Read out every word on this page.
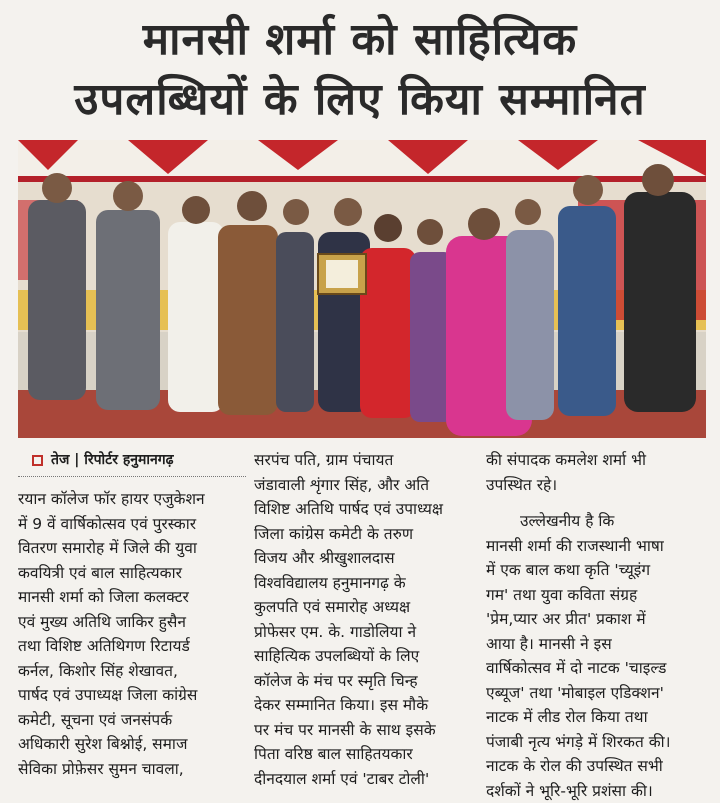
मानसी शर्मा को साहित्यिक
उपलब्धियों के लिए किया सम्मानित
तेज | रिपोर्टर हनुमानगढ़

रयान कॉलेज फॉर हायर एजुकेशन

में 9 वें वार्षिकोत्सव एवं पुरस्कार

वितरण समारोह में जिले की युवा

कवयित्री एवं बाल साहित्यकार

मानसी शर्मा को जिला कलक्टर

एवं मुख्य अतिथि जाकिर हुसैन

तथा विशिष्ट अतिथिगण रिटायर्ड

कर्नल, किशोर सिंह शेखावत,

पार्षद एवं उपाध्यक्ष जिला कांग्रेस

कमेटी, सूचना एवं जनसंपर्क

अधिकारी सुरेश बिश्नोई, समाज

सेविका प्रोफ़ेसर सुमन चावला,

सरपंच पति, ग्राम पंचायत

जंडावाली शृंगार सिंह, और अति

विशिष्ट अतिथि पार्षद एवं उपाध्यक्ष

जिला कांग्रेस कमेटी के तरुण

विजय और श्रीखुशालदास

विश्वविद्यालय हनुमानगढ़ के

कुलपति एवं समारोह अध्यक्ष

प्रोफेसर एम. के. गाडोलिया ने

साहित्यिक उपलब्धियों के लिए

कॉलेज के मंच पर स्मृति चिन्ह

देकर सम्मानित किया। इस मौके

पर मंच पर मानसी के साथ इसके

पिता वरिष्ठ बाल साहितयकार

दीनदयाल शर्मा एवं 'टाबर टोली'

की संपादक कमलेश शर्मा भी

उपस्थित रहे।

उल्लेखनीय है कि

मानसी शर्मा की राजस्थानी भाषा

में एक बाल कथा कृति 'च्यूइंग

गम' तथा युवा कविता संग्रह

'प्रेम,प्यार अर प्रीत' प्रकाश में

आया है। मानसी ने इस

वार्षिकोत्सव में दो नाटक 'चाइल्ड

एब्यूज' तथा 'मोबाइल एडिक्शन'

नाटक में लीड रोल किया तथा

पंजाबी नृत्य भंगड़े में शिरकत की।

नाटक के रोल की उपस्थित सभी

दर्शकों ने भूरि-भूरि प्रशंसा की।
